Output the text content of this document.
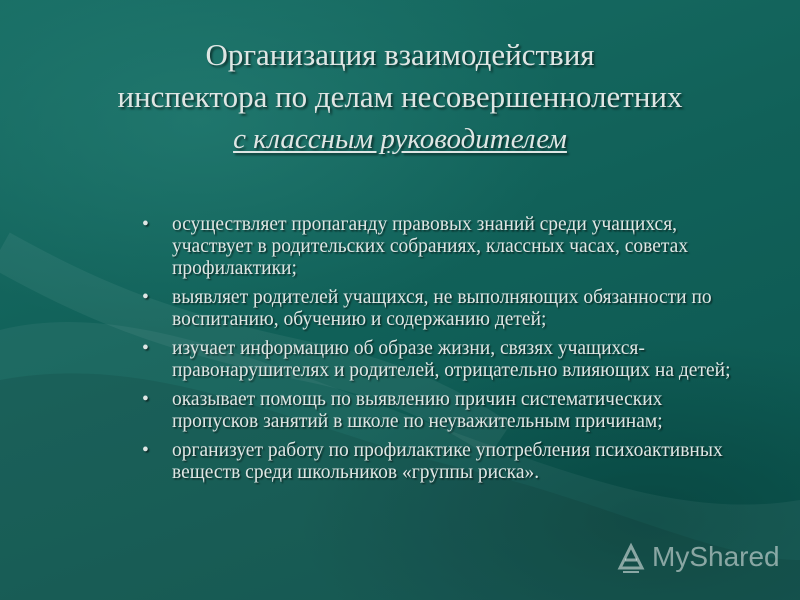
Организация взаимодействия
инспектора по делам несовершеннолетних
с классным руководителем
• осуществляет пропаганду правовых знаний среди учащихся, участвует в родительских собраниях, классных часах, советах профилактики;
• выявляет родителей учащихся, не выполняющих обязанности по воспитанию, обучению и содержанию детей;
• изучает информацию об образе жизни, связях учащихся-правонарушителях и родителей, отрицательно влияющих на детей;
• оказывает помощь по выявлению причин систематических пропусков занятий в школе по неуважительным причинам;
• организует работу по профилактике употребления психоактивных веществ среди школьников «группы риска».
MyShared
